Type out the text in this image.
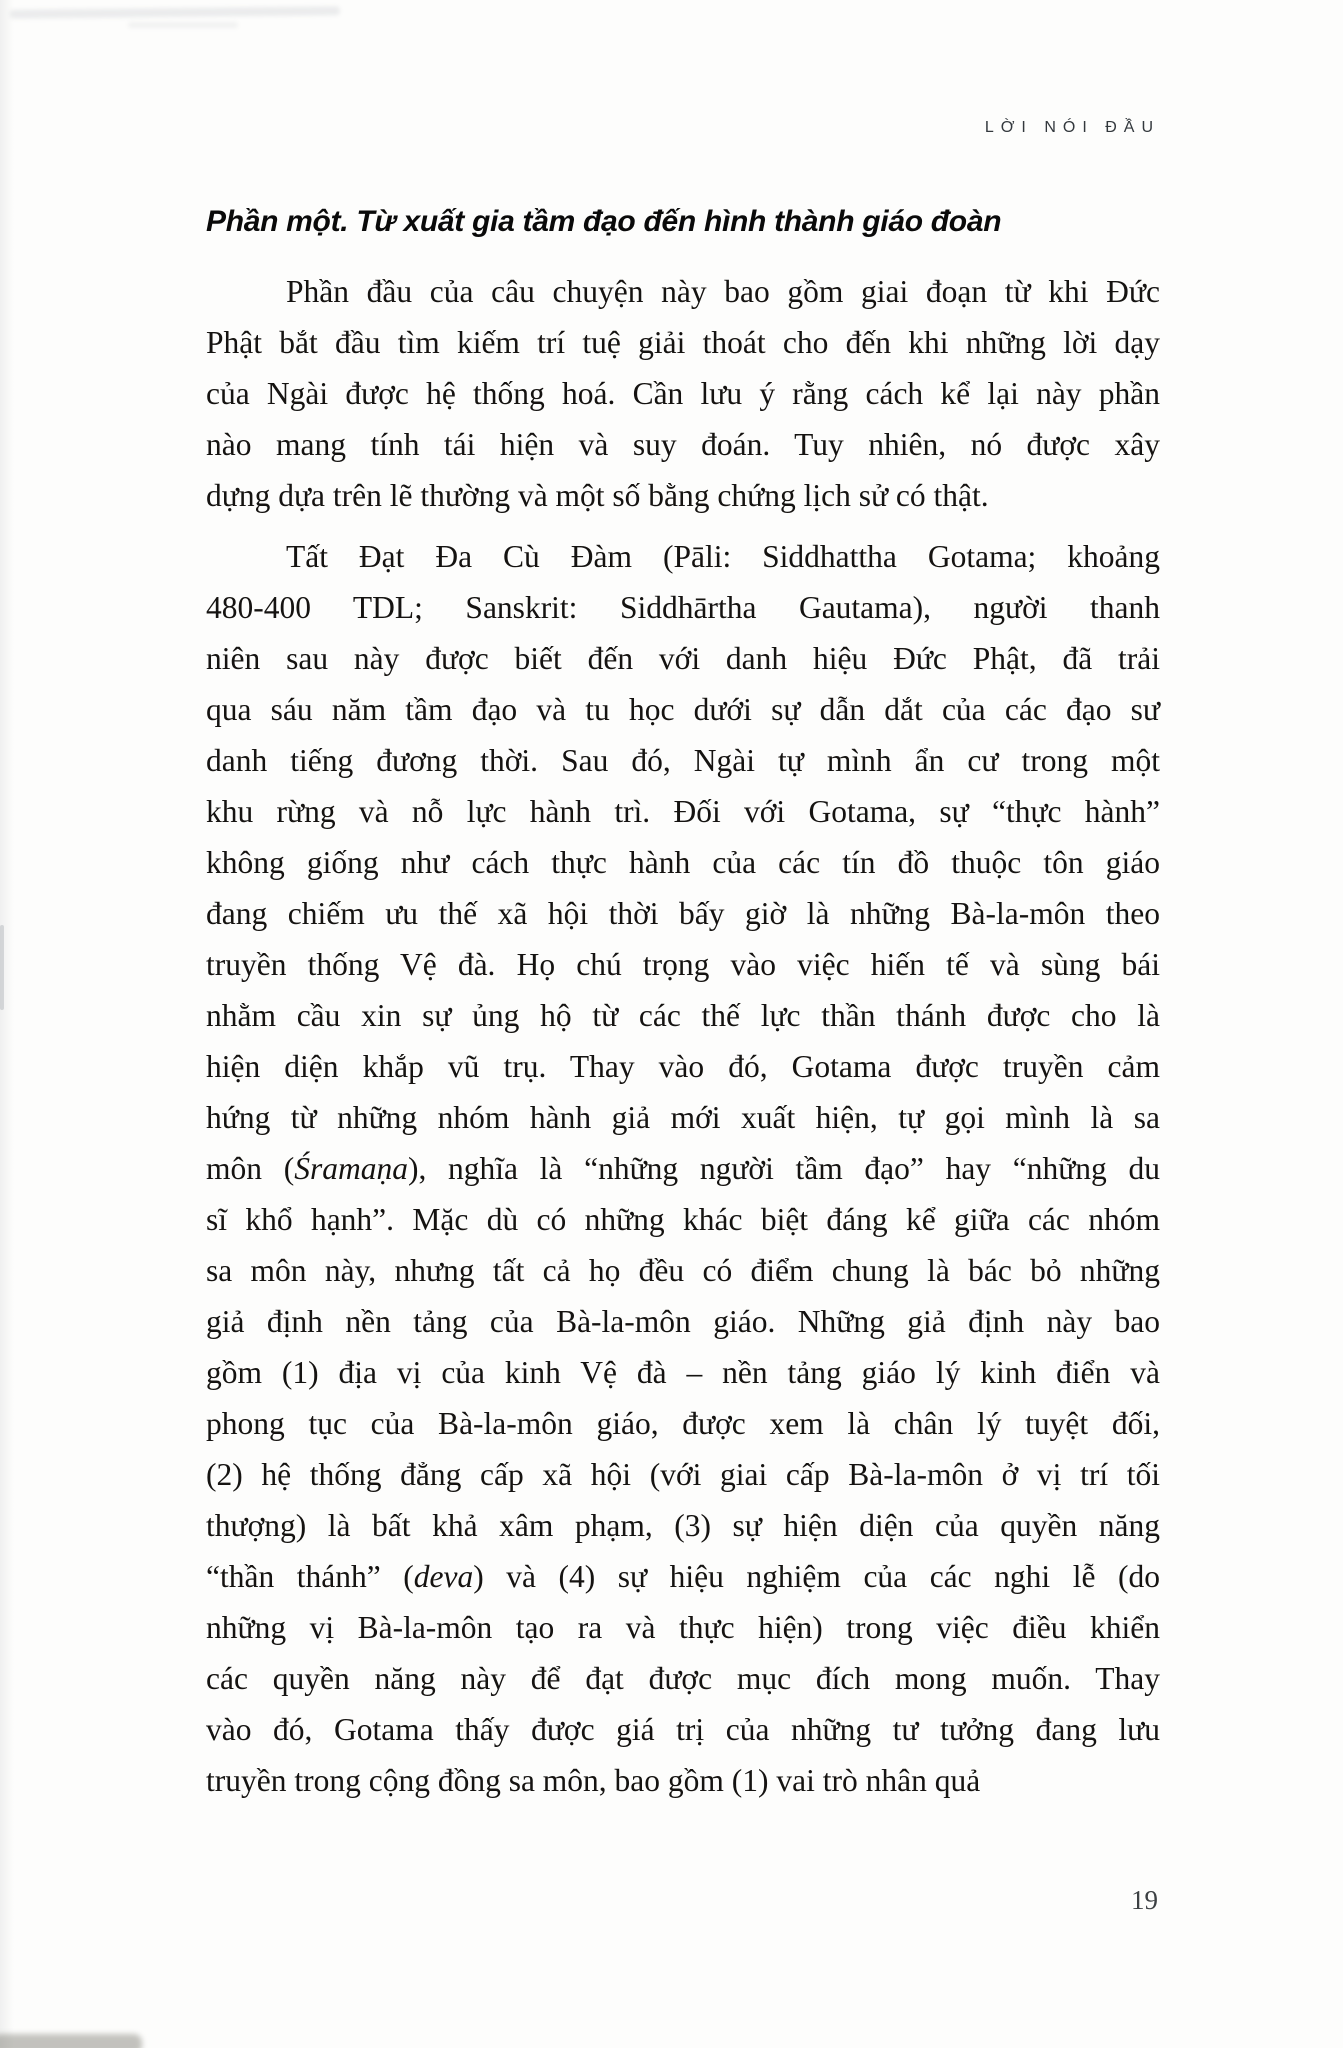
LỜI NÓI ĐẦU
Phần một. Từ xuất gia tầm đạo đến hình thành giáo đoàn
Phần đầu của câu chuyện này bao gồm giai đoạn từ khi Đức
Phật bắt đầu tìm kiếm trí tuệ giải thoát cho đến khi những lời dạy
của Ngài được hệ thống hoá. Cần lưu ý rằng cách kể lại này phần
nào mang tính tái hiện và suy đoán. Tuy nhiên, nó được xây
dựng dựa trên lẽ thường và một số bằng chứng lịch sử có thật.
Tất Đạt Đa Cù Đàm (Pāli: Siddhattha Gotama; khoảng
480-400 TDL; Sanskrit: Siddhārtha Gautama), người thanh
niên sau này được biết đến với danh hiệu Đức Phật, đã trải
qua sáu năm tầm đạo và tu học dưới sự dẫn dắt của các đạo sư
danh tiếng đương thời. Sau đó, Ngài tự mình ẩn cư trong một
khu rừng và nỗ lực hành trì. Đối với Gotama, sự “thực hành”
không giống như cách thực hành của các tín đồ thuộc tôn giáo
đang chiếm ưu thế xã hội thời bấy giờ là những Bà-la-môn theo
truyền thống Vệ đà. Họ chú trọng vào việc hiến tế và sùng bái
nhằm cầu xin sự ủng hộ từ các thế lực thần thánh được cho là
hiện diện khắp vũ trụ. Thay vào đó, Gotama được truyền cảm
hứng từ những nhóm hành giả mới xuất hiện, tự gọi mình là sa
môn (Śramaṇa), nghĩa là “những người tầm đạo” hay “những du
sĩ khổ hạnh”. Mặc dù có những khác biệt đáng kể giữa các nhóm
sa môn này, nhưng tất cả họ đều có điểm chung là bác bỏ những
giả định nền tảng của Bà-la-môn giáo. Những giả định này bao
gồm (1) địa vị của kinh Vệ đà – nền tảng giáo lý kinh điển và
phong tục của Bà-la-môn giáo, được xem là chân lý tuyệt đối,
(2) hệ thống đẳng cấp xã hội (với giai cấp Bà-la-môn ở vị trí tối
thượng) là bất khả xâm phạm, (3) sự hiện diện của quyền năng
“thần thánh” (deva) và (4) sự hiệu nghiệm của các nghi lễ (do
những vị Bà-la-môn tạo ra và thực hiện) trong việc điều khiển
các quyền năng này để đạt được mục đích mong muốn. Thay
vào đó, Gotama thấy được giá trị của những tư tưởng đang lưu
truyền trong cộng đồng sa môn, bao gồm (1) vai trò nhân quả
19
